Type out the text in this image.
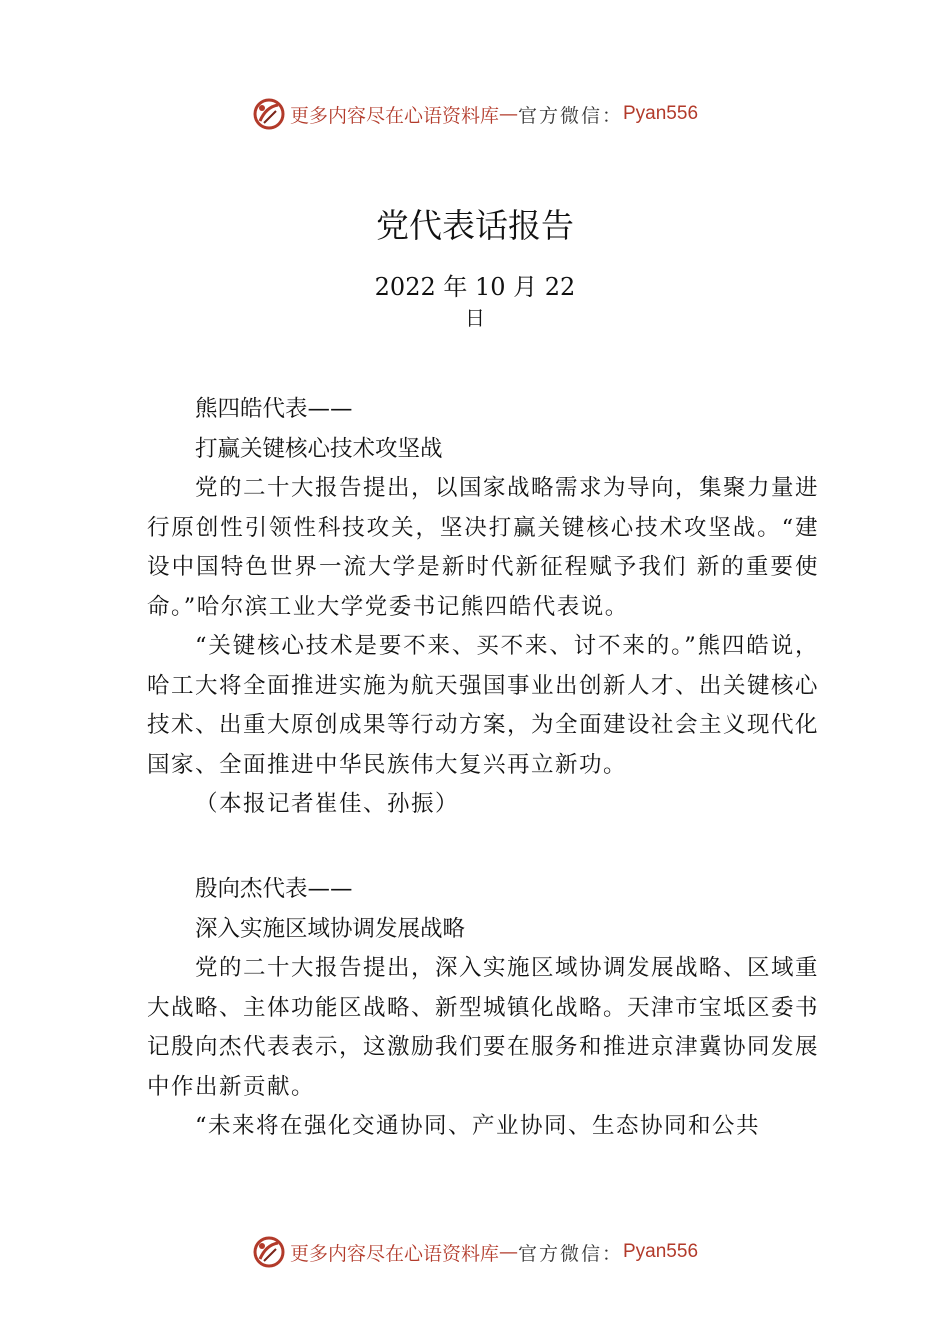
更多内容尽在心语资料库 — 官方微信： Pyan556
党代表话报告
2022 年 10 月 22
日
熊四皓代表——
打赢关键核心技术攻坚战

党的二十大报告提出，以国家战略需求为导向，集聚力量进行原创性引领性科技攻关，坚决打赢关键核心技术攻坚战。“建设中国特色世界一流大学是新时代新征程赋予我们 新的重要使命。”哈尔滨工业大学党委书记熊四皓代表说。

“关键核心技术是要不来、买不来、讨不来的。”熊四皓说，哈工大将全面推进实施为航天强国事业出创新人才、出关键核心技术、出重大原创成果等行动方案，为全面建设社会主义现代化国家、全面推进中华民族伟大复兴再立新功。

（本报记者崔佳、孙振）
殷向杰代表——
深入实施区域协调发展战略

党的二十大报告提出，深入实施区域协调发展战略、区域重大战略、主体功能区战略、新型城镇化战略。天津市宝坻区委书记殷向杰代表表示，这激励我们要在服务和推进京津冀协同发展中作出新贡献。

“未来将在强化交通协同、产业协同、生态协同和公共

更多内容尽在心语资料库 — 官方微信： Pyan556
